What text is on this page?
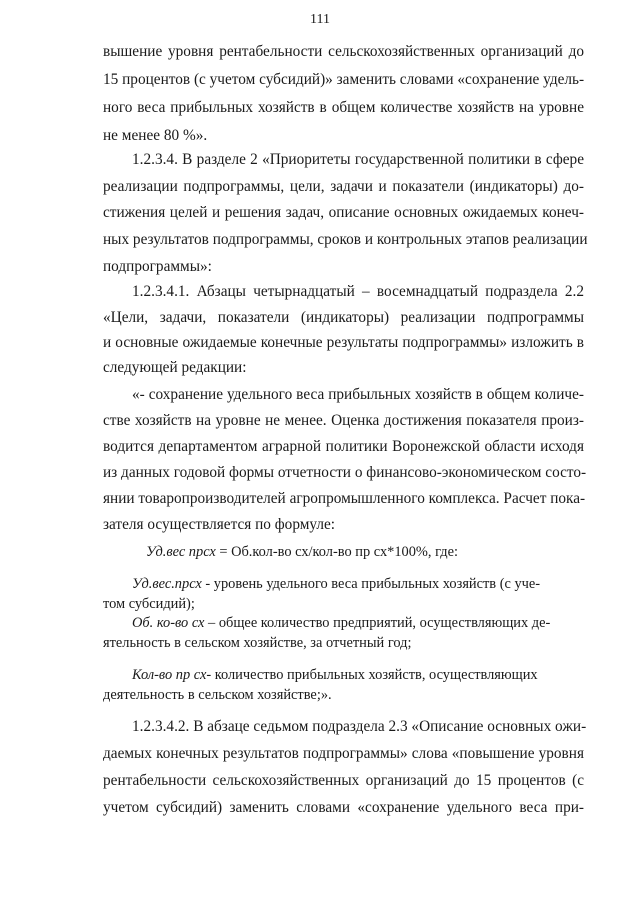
111
вышение уровня рентабельности сельскохозяйственных организаций до
15 процентов (с учетом субсидий)» заменить словами «сохранение удель-
ного веса прибыльных хозяйств в общем количестве хозяйств на уровне
не менее 80 %».
1.2.3.4. В разделе 2 «Приоритеты государственной политики в сфере
реализации подпрограммы, цели, задачи и показатели (индикаторы) до-
стижения целей и решения задач, описание основных ожидаемых конеч-
ных результатов подпрограммы, сроков и контрольных этапов реализации
подпрограммы»:
1.2.3.4.1. Абзацы четырнадцатый – восемнадцатый подраздела 2.2
«Цели, задачи, показатели (индикаторы) реализации подпрограммы
и основные ожидаемые конечные результаты подпрограммы» изложить в
следующей редакции:
«- сохранение удельного веса прибыльных хозяйств в общем количе-
стве хозяйств на уровне не менее. Оценка достижения показателя произ-
водится департаментом аграрной политики Воронежской области исходя
из данных годовой формы отчетности о финансово-экономическом состо-
янии товаропроизводителей агропромышленного комплекса. Расчет пока-
зателя осуществляется по формуле:
Уд.вес прсх = Об.кол-во сх/кол-во пр сх*100%, где:
Уд.вес.прсх - уровень удельного веса прибыльных хозяйств (с уче-
том субсидий);
Об. ко-во сх – общее количество предприятий, осуществляющих де-
ятельность в сельском хозяйстве, за отчетный год;
Кол-во пр сх- количество прибыльных хозяйств, осуществляющих
деятельность в сельском хозяйстве;».
1.2.3.4.2. В абзаце седьмом подраздела 2.3 «Описание основных ожи-
даемых конечных результатов подпрограммы» слова «повышение уровня
рентабельности сельскохозяйственных организаций до 15 процентов (с
учетом субсидий) заменить словами «сохранение удельного веса при-
